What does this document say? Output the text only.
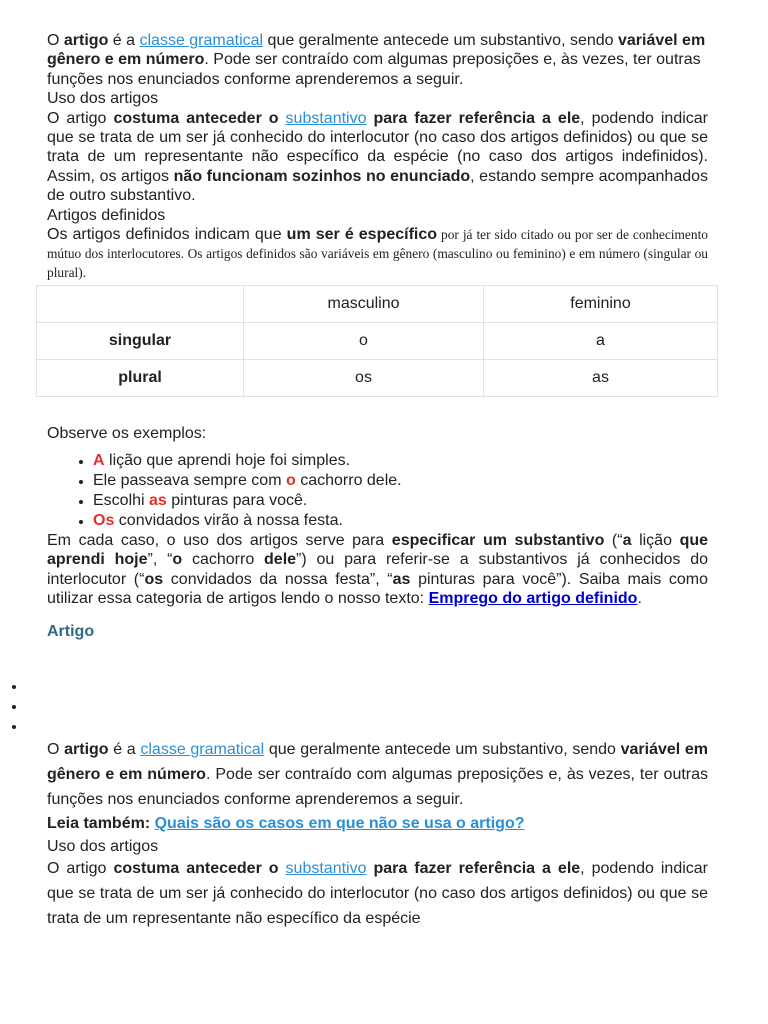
O artigo é a classe gramatical que geralmente antecede um substantivo, sendo variável em gênero e em número. Pode ser contraído com algumas preposições e, às vezes, ter outras funções nos enunciados conforme aprenderemos a seguir.

Uso dos artigos

O artigo costuma anteceder o substantivo para fazer referência a ele, podendo indicar que se trata de um ser já conhecido do interlocutor (no caso dos artigos definidos) ou que se trata de um representante não específico da espécie (no caso dos artigos indefinidos). Assim, os artigos não funcionam sozinhos no enunciado, estando sempre acompanhados de outro substantivo.

Artigos definidos

Os artigos definidos indicam que um ser é específico por já ter sido citado ou por ser de conhecimento mútuo dos interlocutores. Os artigos definidos são variáveis em gênero (masculino ou feminino) e em número (singular ou plural).

	masculino	feminino
singular	o	a
plural	os	as

Observe os exemplos:

• A lição que aprendi hoje foi simples.
• Ele passeava sempre com o cachorro dele.
• Escolhi as pinturas para você.
• Os convidados virão à nossa festa.

Em cada caso, o uso dos artigos serve para especificar um substantivo (“a lição que aprendi hoje”, “o cachorro dele”) ou para referir-se a substantivos já conhecidos do interlocutor (“os convidados da nossa festa”, “as pinturas para você”). Saiba mais como utilizar essa categoria de artigos lendo o nosso texto: Emprego do artigo definido.

Artigo

O artigo é a classe gramatical que geralmente antecede um substantivo, sendo variável em gênero e em número. Pode ser contraído com algumas preposições e, às vezes, ter outras funções nos enunciados conforme aprenderemos a seguir.

Leia também: Quais são os casos em que não se usa o artigo?

Uso dos artigos

O artigo costuma anteceder o substantivo para fazer referência a ele, podendo indicar que se trata de um ser já conhecido do interlocutor (no caso dos artigos definidos) ou que se trata de um representante não específico da espécie
